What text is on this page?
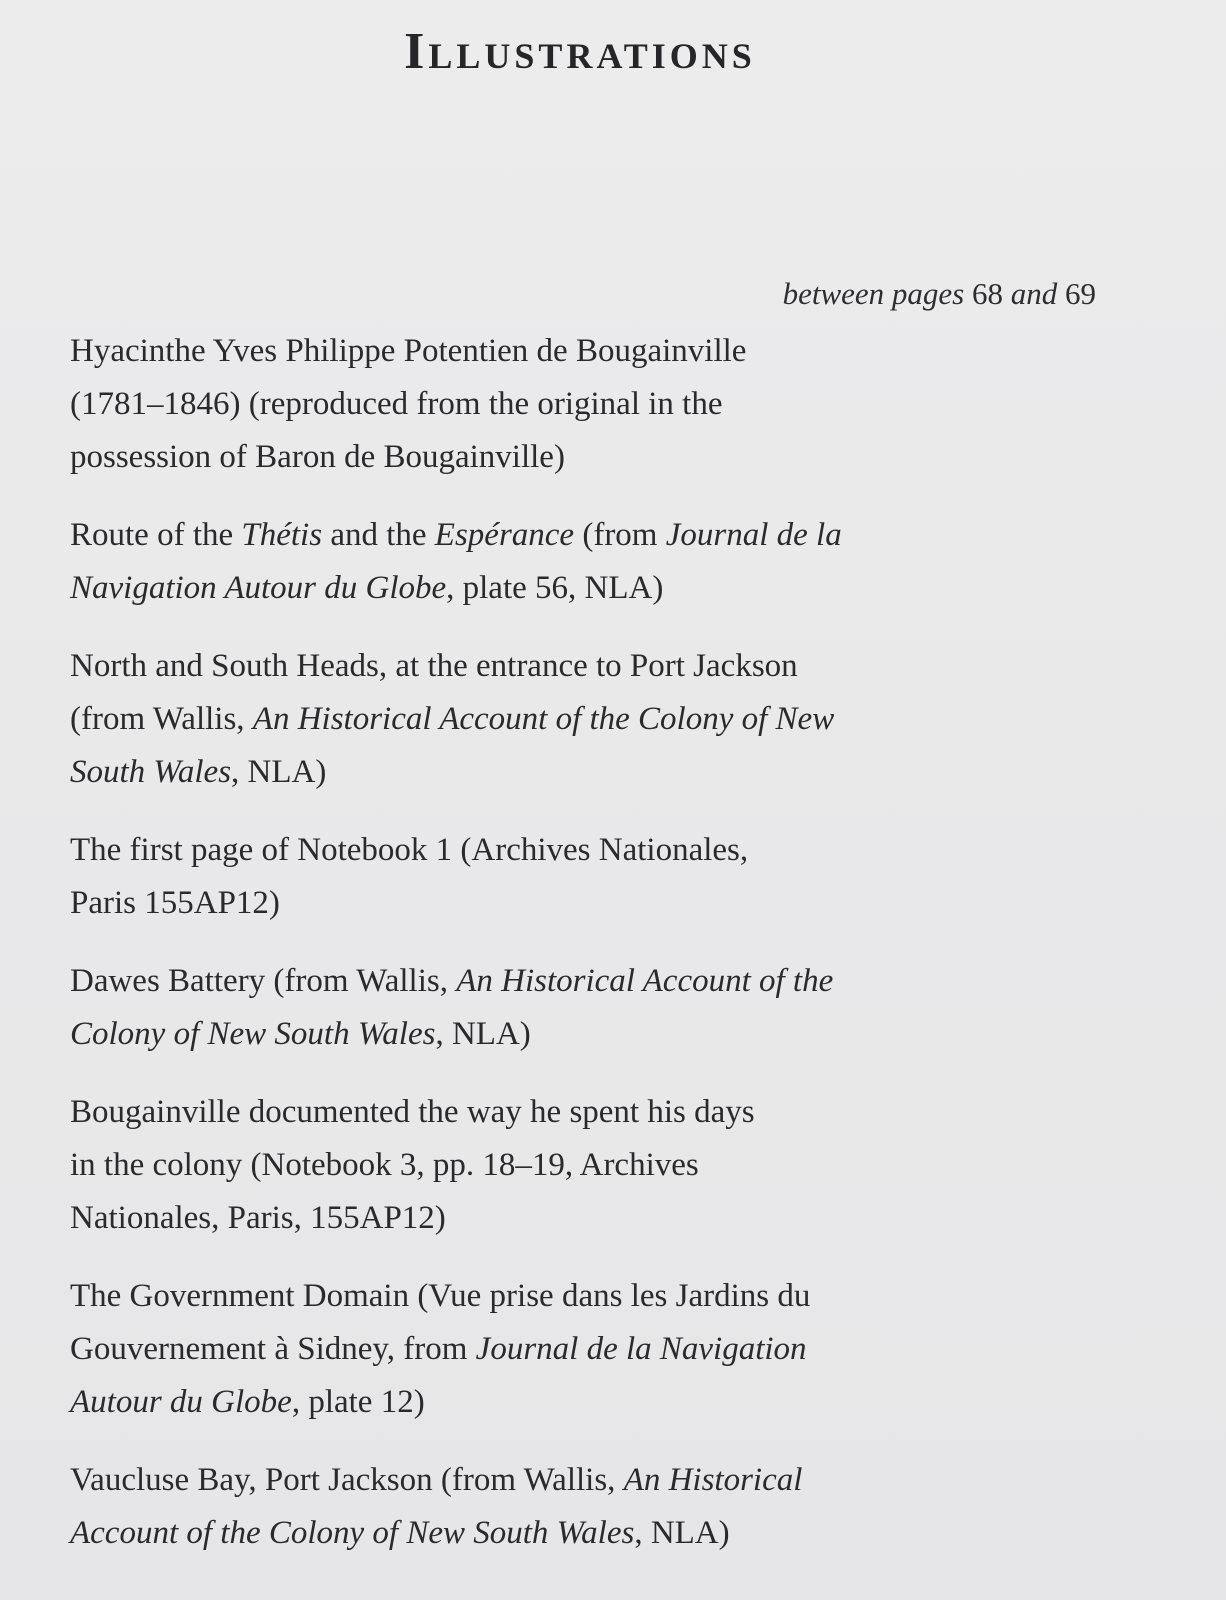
Illustrations
between pages 68 and 69
Hyacinthe Yves Philippe Potentien de Bougainville
(1781–1846) (reproduced from the original in the
possession of Baron de Bougainville)
Route of the Thétis and the Espérance (from Journal de la
Navigation Autour du Globe, plate 56, NLA)
North and South Heads, at the entrance to Port Jackson
(from Wallis, An Historical Account of the Colony of New
South Wales, NLA)
The first page of Notebook 1 (Archives Nationales,
Paris 155AP12)
Dawes Battery (from Wallis, An Historical Account of the
Colony of New South Wales, NLA)
Bougainville documented the way he spent his days
in the colony (Notebook 3, pp. 18–19, Archives
Nationales, Paris, 155AP12)
The Government Domain (Vue prise dans les Jardins du
Gouvernement à Sidney, from Journal de la Navigation
Autour du Globe, plate 12)
Vaucluse Bay, Port Jackson (from Wallis, An Historical
Account of the Colony of New South Wales, NLA)
